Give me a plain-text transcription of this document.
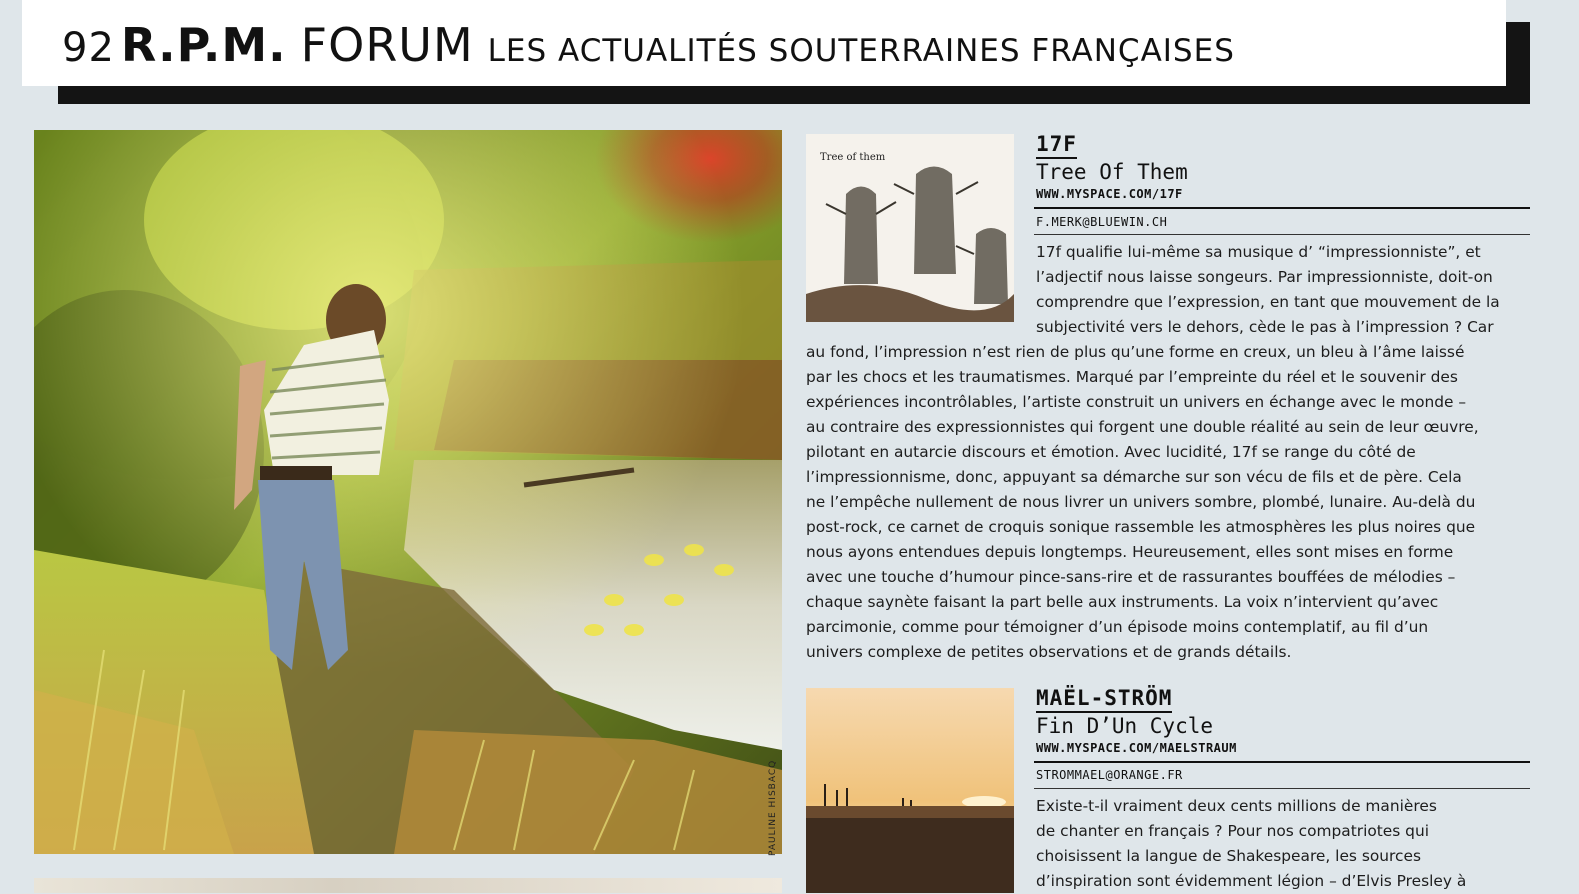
92 R.P.M. FORUM LES ACTUALITÉS SOUTERRAINES FRANÇAISES
PAULINE HISBACQ
Tree of them
17F
Tree Of Them
WWW.MYSPACE.COM/17F
F.MERK@BLUEWIN.CH
17f qualifie lui-même sa musique d’ “impressionniste”, et
l’adjectif nous laisse songeurs. Par impressionniste, doit-on
comprendre que l’expression, en tant que mouvement de la
subjectivité vers le dehors, cède le pas à l’impression ? Car
au fond, l’impression n’est rien de plus qu’une forme en creux, un bleu à l’âme laissé
par les chocs et les traumatismes. Marqué par l’empreinte du réel et le souvenir des
expériences incontrôlables, l’artiste construit un univers en échange avec le monde –
au contraire des expressionnistes qui forgent une double réalité au sein de leur œuvre,
pilotant en autarcie discours et émotion. Avec lucidité, 17f se range du côté de
l’impressionnisme, donc, appuyant sa démarche sur son vécu de fils et de père. Cela
ne l’empêche nullement de nous livrer un univers sombre, plombé, lunaire. Au-delà du
post-rock, ce carnet de croquis sonique rassemble les atmosphères les plus noires que
nous ayons entendues depuis longtemps. Heureusement, elles sont mises en forme
avec une touche d’humour pince-sans-rire et de rassurantes bouffées de mélodies –
chaque saynète faisant la part belle aux instruments. La voix n’intervient qu’avec
parcimonie, comme pour témoigner d’un épisode moins contemplatif, au fil d’un
univers complexe de petites observations et de grands détails.
MAËL-STRÖM
Fin D’Un Cycle
WWW.MYSPACE.COM/MAELSTRAUM
STROMMAEL@ORANGE.FR
Existe-t-il vraiment deux cents millions de manières
de chanter en français ? Pour nos compatriotes qui
choisissent la langue de Shakespeare, les sources
d’inspiration sont évidemment légion – d’Elvis Presley à
